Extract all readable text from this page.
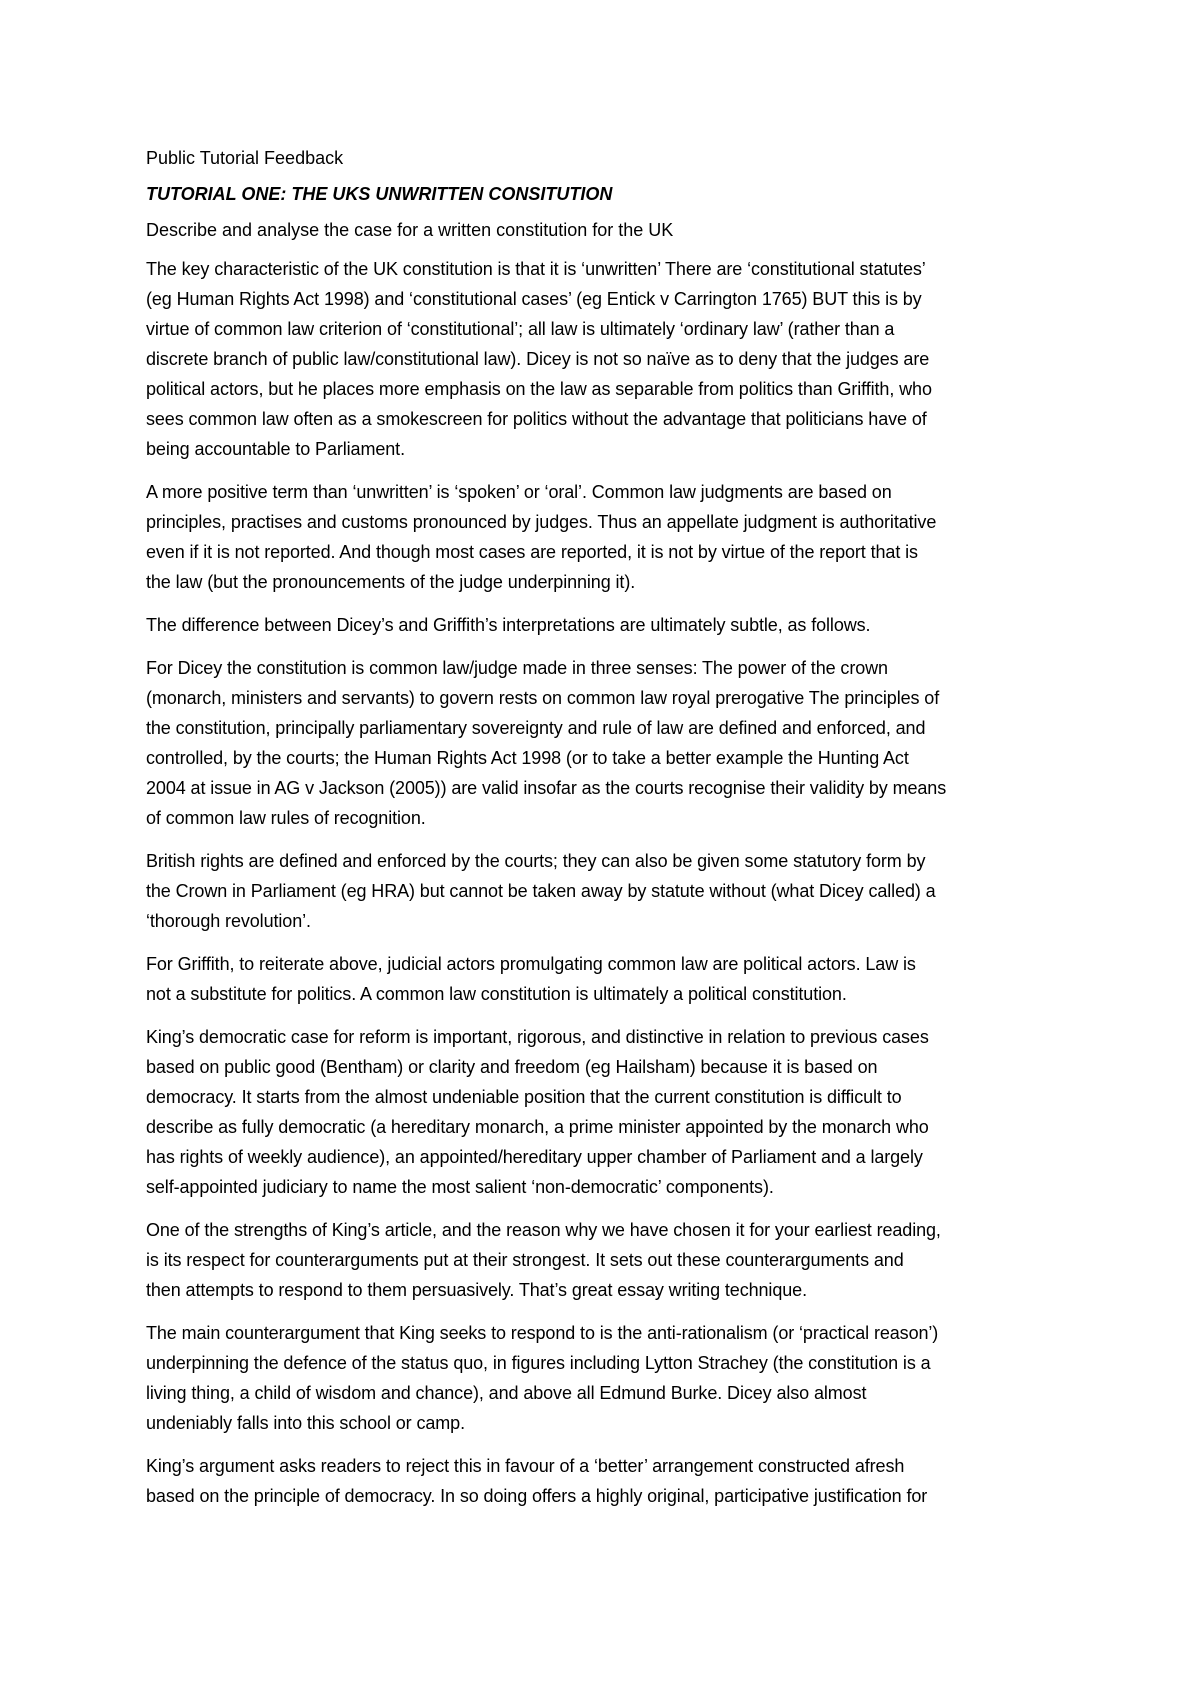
Public Tutorial Feedback
TUTORIAL ONE: THE UKS UNWRITTEN CONSITUTION
Describe and analyse the case for a written constitution for the UK
The key characteristic of the UK constitution is that it is ‘unwritten’ There are ‘constitutional statutes’
(eg Human Rights Act 1998) and ‘constitutional cases’ (eg Entick v Carrington 1765) BUT this is by
virtue of common law criterion of ‘constitutional’; all law is ultimately ‘ordinary law’ (rather than a
discrete branch of public law/constitutional law). Dicey is not so naïve as to deny that the judges are
political actors, but he places more emphasis on the law as separable from politics than Griffith, who
sees common law often as a smokescreen for politics without the advantage that politicians have of
being accountable to Parliament.
A more positive term than ‘unwritten’ is ‘spoken’ or ‘oral’. Common law judgments are based on
principles, practises and customs pronounced by judges. Thus an appellate judgment is authoritative
even if it is not reported. And though most cases are reported, it is not by virtue of the report that is
the law (but the pronouncements of the judge underpinning it).
The difference between Dicey’s and Griffith’s interpretations are ultimately subtle, as follows.
For Dicey the constitution is common law/judge made in three senses: The power of the crown
(monarch, ministers and servants) to govern rests on common law royal prerogative The principles of
the constitution, principally parliamentary sovereignty and rule of law are defined and enforced, and
controlled, by the courts; the Human Rights Act 1998 (or to take a better example the Hunting Act
2004 at issue in AG v Jackson (2005)) are valid insofar as the courts recognise their validity by means
of common law rules of recognition.
British rights are defined and enforced by the courts; they can also be given some statutory form by
the Crown in Parliament (eg HRA) but cannot be taken away by statute without (what Dicey called) a
‘thorough revolution’.
For Griffith, to reiterate above, judicial actors promulgating common law are political actors. Law is
not a substitute for politics. A common law constitution is ultimately a political constitution.
King’s democratic case for reform is important, rigorous, and distinctive in relation to previous cases
based on public good (Bentham) or clarity and freedom (eg Hailsham) because it is based on
democracy. It starts from the almost undeniable position that the current constitution is difficult to
describe as fully democratic (a hereditary monarch, a prime minister appointed by the monarch who
has rights of weekly audience), an appointed/hereditary upper chamber of Parliament and a largely
self-appointed judiciary to name the most salient ‘non-democratic’ components).
One of the strengths of King’s article, and the reason why we have chosen it for your earliest reading,
is its respect for counterarguments put at their strongest. It sets out these counterarguments and
then attempts to respond to them persuasively. That’s great essay writing technique.
The main counterargument that King seeks to respond to is the anti-rationalism (or ‘practical reason’)
underpinning the defence of the status quo, in figures including Lytton Strachey (the constitution is a
living thing, a child of wisdom and chance), and above all Edmund Burke. Dicey also almost
undeniably falls into this school or camp.
King’s argument asks readers to reject this in favour of a ‘better’ arrangement constructed afresh
based on the principle of democracy. In so doing offers a highly original, participative justification for
